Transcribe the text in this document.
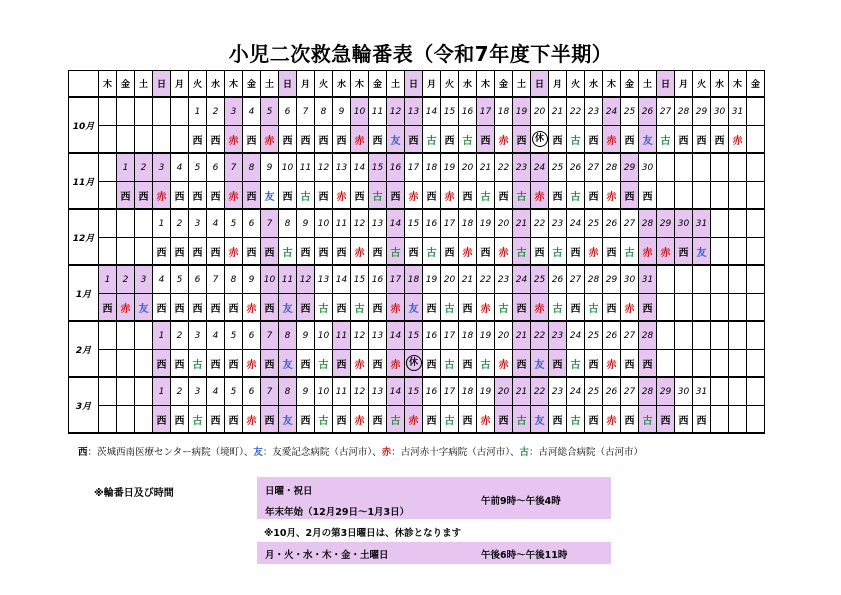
小児二次救急輪番表（令和7年度下半期）
	木	金	土	日	月	火	水	木	金	土	日	月	火	水	木	金	土	日	月	火	水	木	金	土	日	月	火	水	木	金	土	日	月	火	水	木	金
10月						1	2	3	4	5	6	7	8	9	10	11	12	13	14	15	16	17	18	19	20	21	22	23	24	25	26	27	28	29	30	31	
						西	西	赤	西	赤	西	西	西	西	赤	西	友	西	古	西	古	西	赤	西	休	西	古	西	赤	西	友	古	西	西	西	赤	
11月		1	2	3	4	5	6	7	8	9	10	11	12	13	14	15	16	17	18	19	20	21	22	23	24	25	26	27	28	29	30						
		西	西	赤	西	西	西	赤	西	友	西	古	西	赤	西	古	西	赤	西	赤	西	古	西	古	赤	西	古	西	赤	西	西						
12月				1	2	3	4	5	6	7	8	9	10	11	12	13	14	15	16	17	18	19	20	21	22	23	24	25	26	27	28	29	30	31			
				西	西	西	西	赤	西	西	古	西	西	西	赤	西	古	西	古	西	赤	西	赤	古	西	古	西	赤	西	古	赤	赤	西	友			
1月	1	2	3	4	5	6	7	8	9	10	11	12	13	14	15	16	17	18	19	20	21	22	23	24	25	26	27	28	29	30	31						
	西	赤	友	西	西	西	西	西	赤	西	友	西	古	西	古	西	赤	友	西	古	西	赤	古	西	赤	古	西	古	西	赤	西						
2月				1	2	3	4	5	6	7	8	9	10	11	12	13	14	15	16	17	18	19	20	21	22	23	24	25	26	27	28						
				西	西	古	西	西	赤	西	友	西	古	西	赤	西	赤	休	西	古	西	古	赤	西	友	西	古	西	赤	西	西						
3月				1	2	3	4	5	6	7	8	9	10	11	12	13	14	15	16	17	18	19	20	21	22	23	24	25	26	27	28	29	30	31			
				西	西	古	西	西	赤	西	友	西	古	西	赤	西	古	赤	西	古	西	赤	西	古	友	西	古	西	赤	西	古	西	西	西			
西：茨城西南医療センター病院（境町）、友：友愛記念病院（古河市）、赤：古河赤十字病院（古河市）、古：古河総合病院（古河市）
※輪番日及び時間	日曜・祝日
年末年始（12月29日～1月3日）
午前9時～午後4時
※10月、2月の第3日曜日は、休診となります
月・火・水・木・金・土曜日	午後6時～午後11時
